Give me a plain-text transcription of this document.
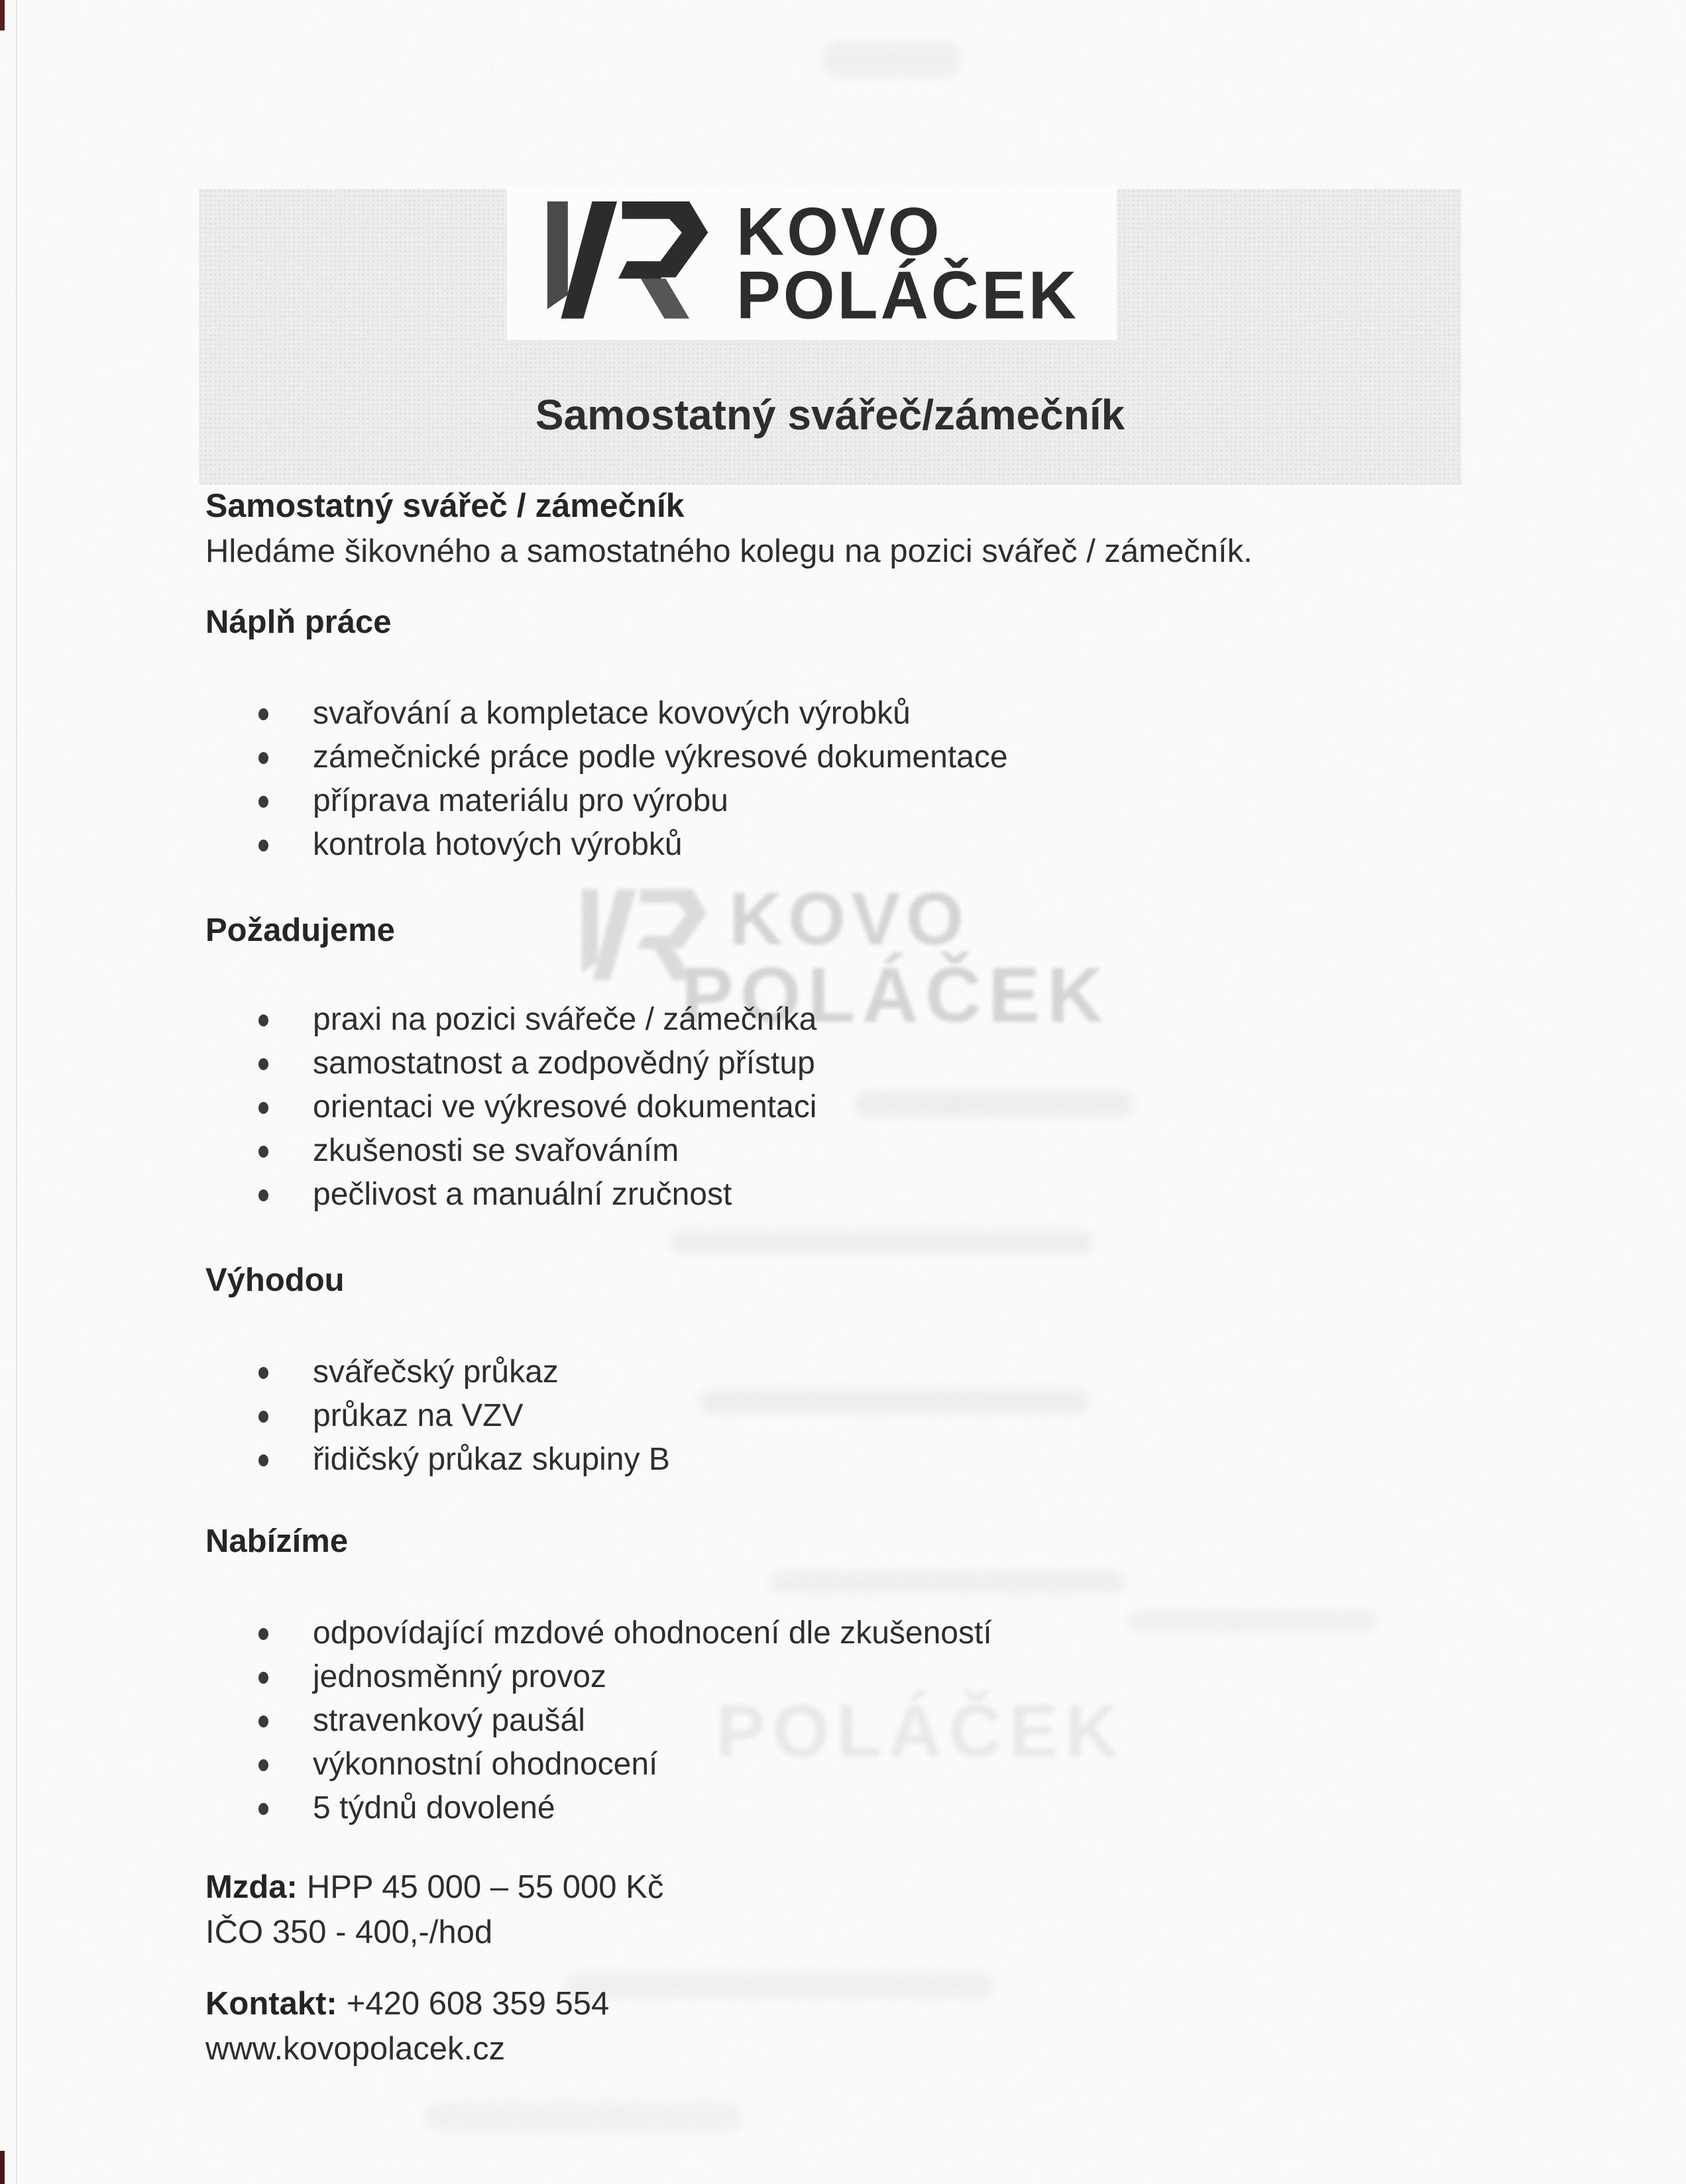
KOVO
POLÁČEK
POLÁČEK
KOVO
POLÁČEK
Samostatný svářeč/zámečník
Samostatný svářeč / zámečník
Hledáme šikovného a samostatného kolegu na pozici svářeč / zámečník.
Náplň práce
svařování a kompletace kovových výrobků
zámečnické práce podle výkresové dokumentace
příprava materiálu pro výrobu
kontrola hotových výrobků
Požadujeme
praxi na pozici svářeče / zámečníka
samostatnost a zodpovědný přístup
orientaci ve výkresové dokumentaci
zkušenosti se svařováním
pečlivost a manuální zručnost
Výhodou
svářečský průkaz
průkaz na VZV
řidičský průkaz skupiny B
Nabízíme
odpovídající mzdové ohodnocení dle zkušeností
jednosměnný provoz
stravenkový paušál
výkonnostní ohodnocení
5 týdnů dovolené
Mzda: HPP 45 000 – 55 000 Kč
IČO 350 - 400,-/hod
Kontakt: +420 608 359 554
www.kovopolacek.cz
